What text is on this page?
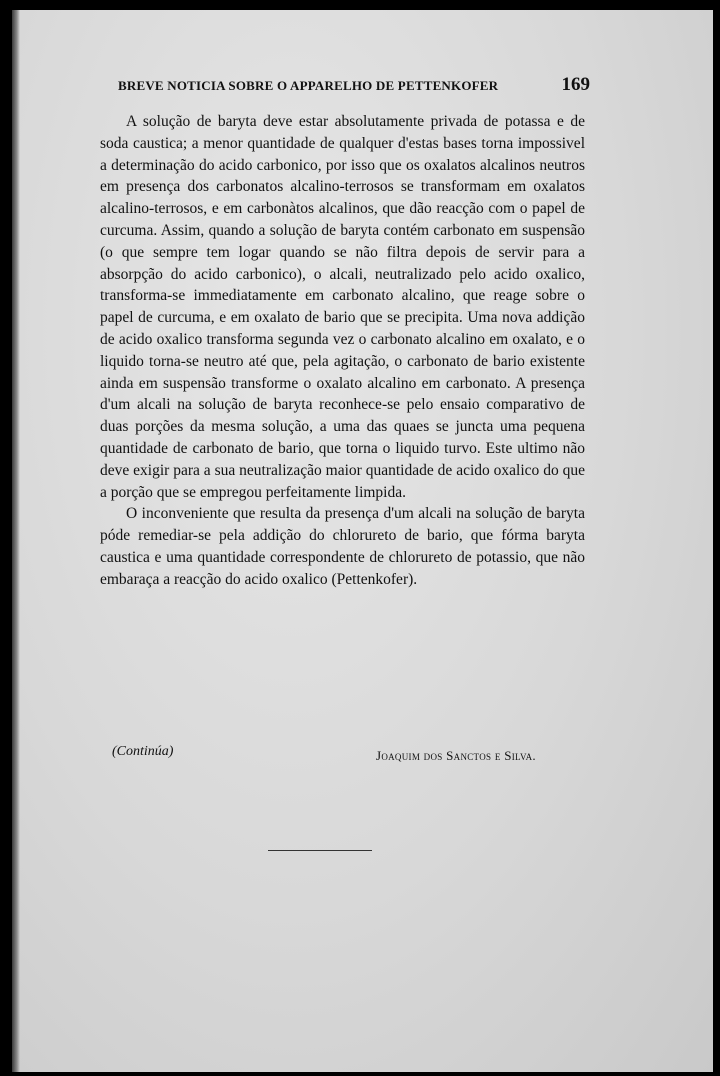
BREVE NOTICIA SOBRE O APPARELHO DE PETTENKOFER	169

A solução de baryta deve estar absolutamente privada de potassa e de soda caustica; a menor quantidade de qualquer d'estas bases torna impossivel a determinação do acido carbonico, por isso que os oxalatos alcalinos neutros em presença dos carbonatos alcalino-terrosos se transformam em oxalatos alcalino-terrosos, e em carbonàtos alcalinos, que dão reacção com o papel de curcuma. Assim, quando a solução de baryta contém carbonato em suspensão (o que sempre tem logar quando se não filtra depois de servir para a absorpção do acido carbonico), o alcali, neutralizado pelo acido oxalico, transforma-se immediatamente em carbonato alcalino, que reage sobre o papel de curcuma, e em oxalato de bario que se precipita. Uma nova addição de acido oxalico transforma segunda vez o carbonato alcalino em oxalato, e o liquido torna-se neutro até que, pela agitação, o carbonato de bario existente ainda em suspensão transforme o oxalato alcalino em carbonato. A presença d'um alcali na solução de baryta reconhece-se pelo ensaio comparativo de duas porções da mesma solução, a uma das quaes se juncta uma pequena quantidade de carbonato de bario, que torna o liquido turvo. Este ultimo não deve exigir para a sua neutralização maior quantidade de acido oxalico do que a porção que se empregou perfeitamente limpida.

O inconveniente que resulta da presença d'um alcali na solução de baryta póde remediar-se pela addição do chlorureto de bario, que fórma baryta caustica e uma quantidade correspondente de chlorureto de potassio, que não embaraça a reacção do acido oxalico (Pettenkofer).

(Continúa)	Joaquim dos Sanctos e Silva.
